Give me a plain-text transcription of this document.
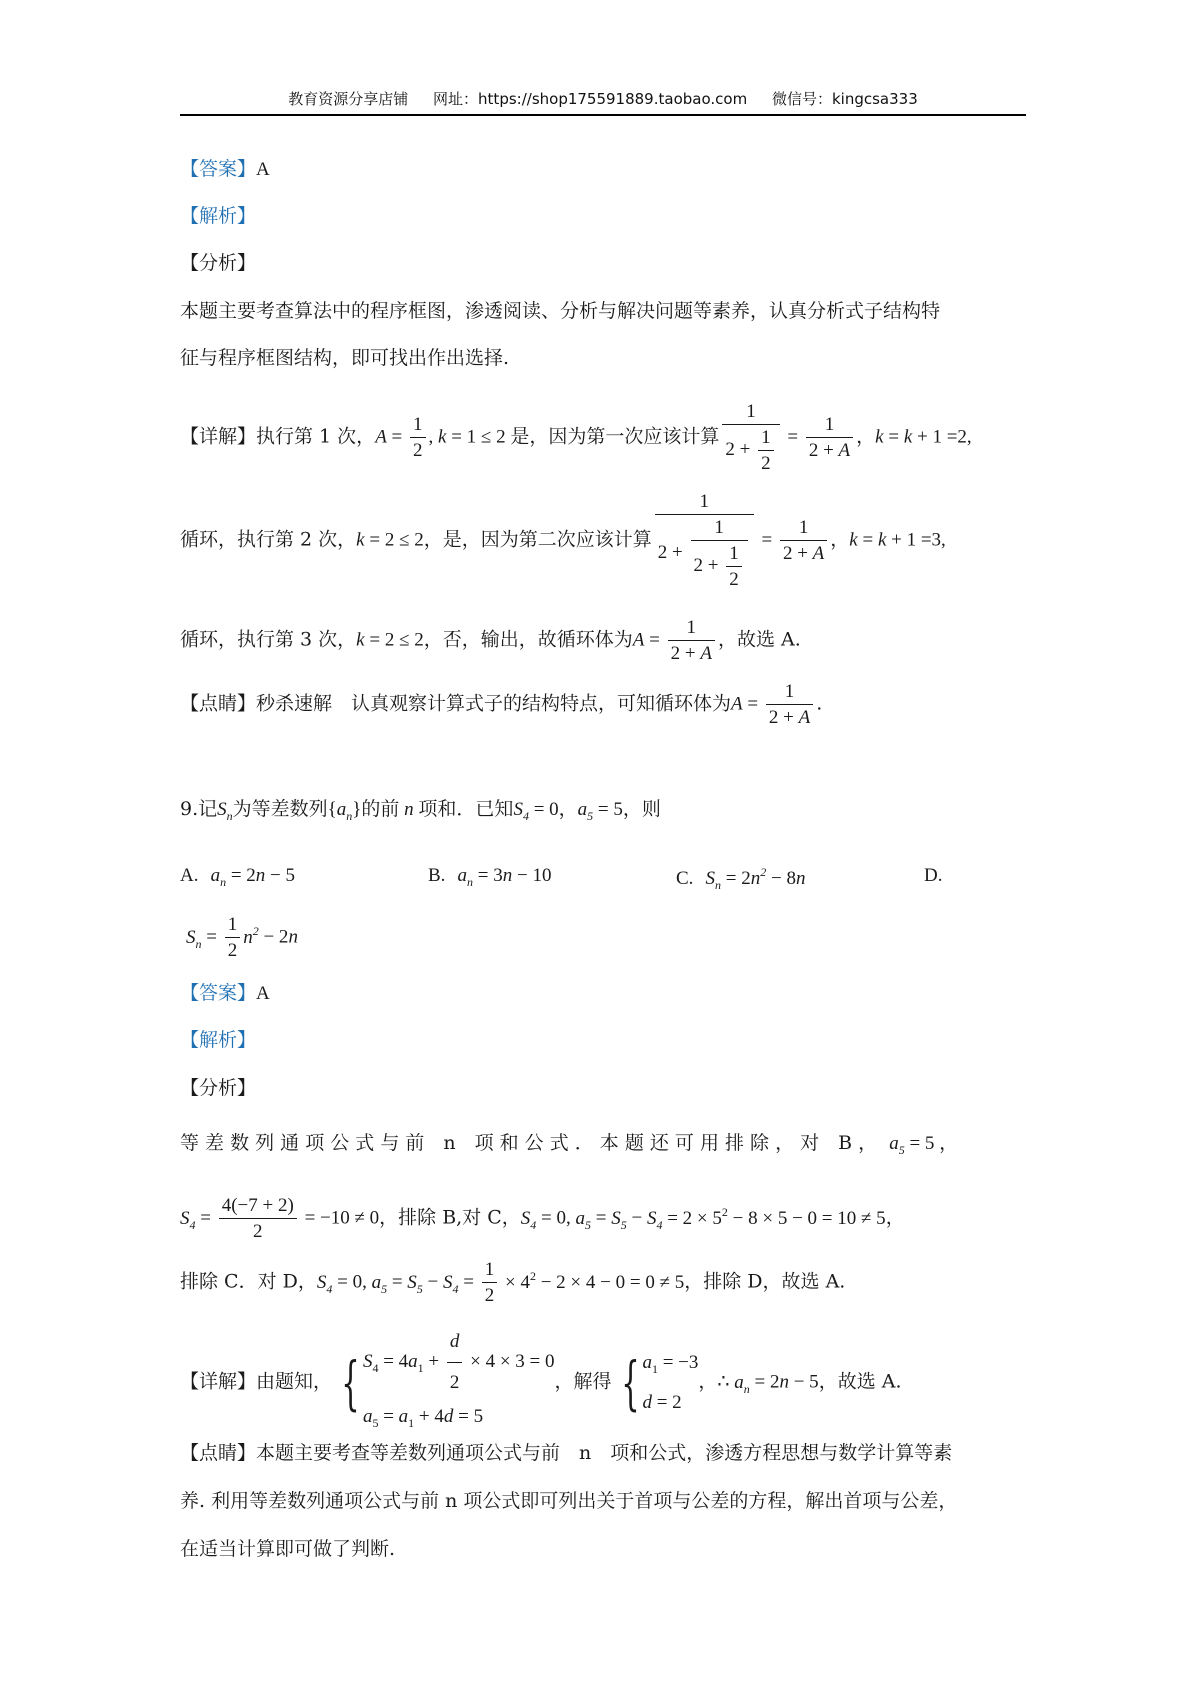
教育资源分享店铺 网址：https://shop175591889.taobao.com 微信号：kingcsa333
【答案】A
【解析】
【分析】
本题主要考查算法中的程序框图，渗透阅读、分析与解决问题等素养，认真分析式子结构特
征与程序框图结构，即可找出作出选择.
【详解】执行第 1 次，$A = \frac{1}{2}$ , k = 1 ≤ 2 是，因为第一次应该计算 $\frac{1}{2 + \frac{1}{2}} = \frac{1}{2 + A}$ ，k = k + 1 =2,
循环，执行第 2 次，k = 2 ≤ 2，是，因为第二次应该计算 $\frac{1}{2 + \frac{1}{2 + \frac{1}{2}}} = \frac{1}{2 + A}$ ，k = k + 1 =3,
循环，执行第 3 次，k = 2 ≤ 2，否，输出，故循环体为$A = \frac{1}{2 + A}$ ，故选 A.
【点睛】秒杀速解　认真观察计算式子的结构特点，可知循环体为$A = \frac{1}{2 + A}$ .
9.记$S_n$为等差数列$\{a_n\}$的前 n 项和．已知$S_4 = 0$，$a_5 = 5$，则
A. $a_n = 2n - 5$	B. $a_n = 3n - 10$	C. $S_n = 2n^2 - 8n$	D.
$S_n = \frac{1}{2} n^2 - 2n$
【答案】A
【解析】
【分析】
等 差 数 列 通 项 公 式 与 前　n　项 和 公 式 ． 本 题 还 可 用 排 除 ， 对　B ， $a_5 = 5$ ，
$S_4 = \frac{4(-7 + 2)}{2} = -10 \ne 0$，排除 B,对 C，$S_4 = 0$, $a_5 = S_5 - S_4 = 2 \times 5^2 - 8 \times 5 - 0 = 10 \ne 5$，
排除 C．对 D，$S_4 = 0$, $a_5 = S_5 - S_4 = \frac{1}{2} \times 4^2 - 2 \times 4 - 0 = 0 \ne 5$，排除 D，故选 A.
【详解】由题知， { $S_4 = 4a_1 + \frac{d}{2} \times 4 \times 3 = 0$
$a_5 = a_1 + 4d = 5$
，解得 { $a_1 = -3$
d = 2
，∴ $a_n = 2n - 5$，故选 A.
【点睛】本题主要考查等差数列通项公式与前　n　项和公式，渗透方程思想与数学计算等素
养. 利用等差数列通项公式与前 n 项公式即可列出关于首项与公差的方程，解出首项与公差，
在适当计算即可做了判断.
